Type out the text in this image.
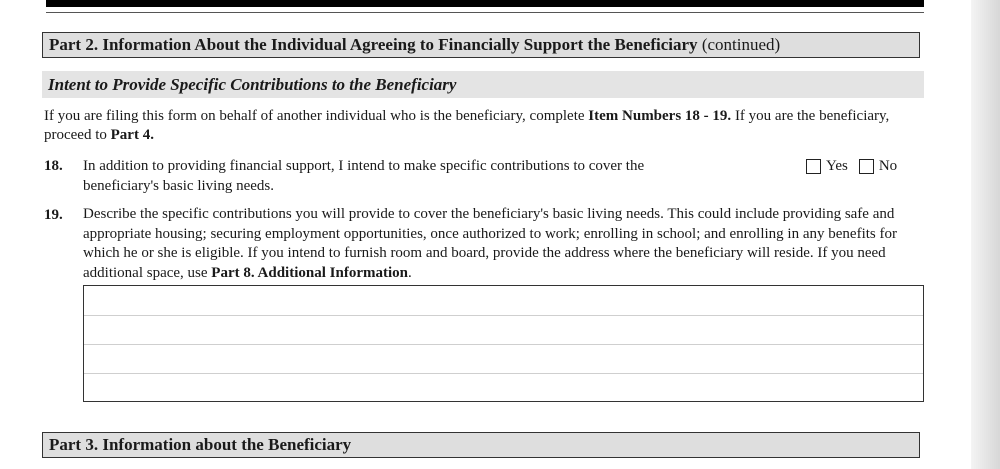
Part 2. Information About the Individual Agreeing to Financially Support the Beneficiary (continued)
Intent to Provide Specific Contributions to the Beneficiary
If you are filing this form on behalf of another individual who is the beneficiary, complete Item Numbers 18 - 19. If you are the beneficiary, proceed to Part 4.
18. In addition to providing financial support, I intend to make specific contributions to cover the
beneficiary's basic living needs.
Yes No
19. Describe the specific contributions you will provide to cover the beneficiary's basic living needs. This could include providing safe and appropriate housing; securing employment opportunities, once authorized to work; enrolling in school; and enrolling in any benefits for which he or she is eligible. If you intend to furnish room and board, provide the address where the beneficiary will reside. If you need additional space, use Part 8. Additional Information.
Part 3. Information about the Beneficiary
